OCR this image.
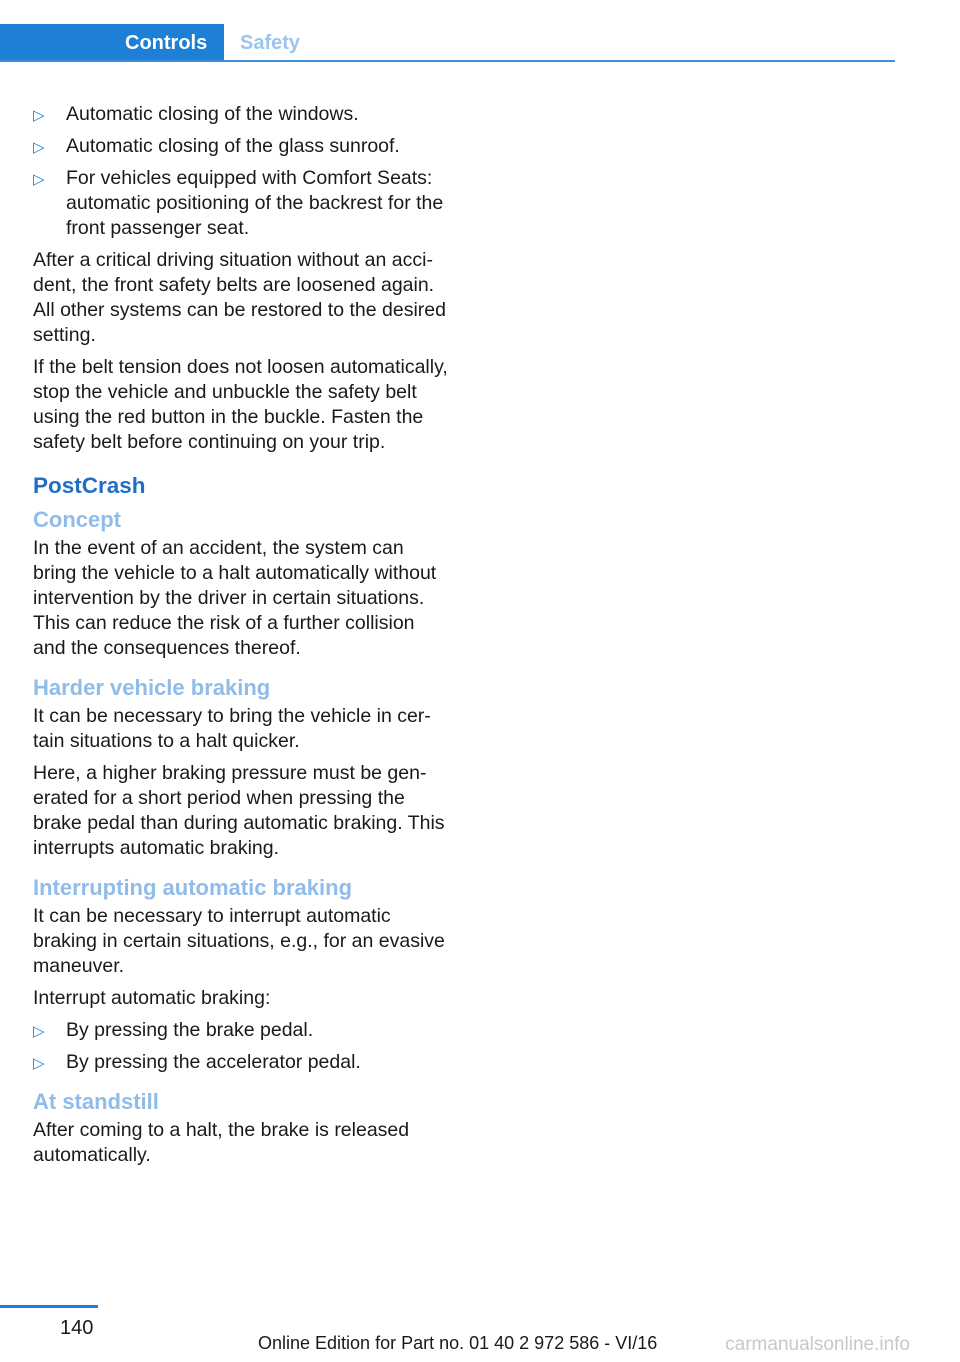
Controls Safety
▷ Automatic closing of the windows.
▷ Automatic closing of the glass sunroof.
▷ For vehicles equipped with Comfort Seats: automatic positioning of the backrest for the front passenger seat.

After a critical driving situation without an accident, the front safety belts are loosened again. All other systems can be restored to the desired setting.

If the belt tension does not loosen automatically, stop the vehicle and unbuckle the safety belt using the red button in the buckle. Fasten the safety belt before continuing on your trip.

PostCrash
Concept

In the event of an accident, the system can bring the vehicle to a halt automatically without intervention by the driver in certain situations. This can reduce the risk of a further collision and the consequences thereof.

Harder vehicle braking

It can be necessary to bring the vehicle in certain situations to a halt quicker.

Here, a higher braking pressure must be generated for a short period when pressing the brake pedal than during automatic braking. This interrupts automatic braking.

Interrupting automatic braking

It can be necessary to interrupt automatic braking in certain situations, e.g., for an evasive maneuver.

Interrupt automatic braking:

▷ By pressing the brake pedal.
▷ By pressing the accelerator pedal.
At standstill

After coming to a halt, the brake is released automatically.

140
Online Edition for Part no. 01 40 2 972 586 - VI/16	carmanualsonline.info
